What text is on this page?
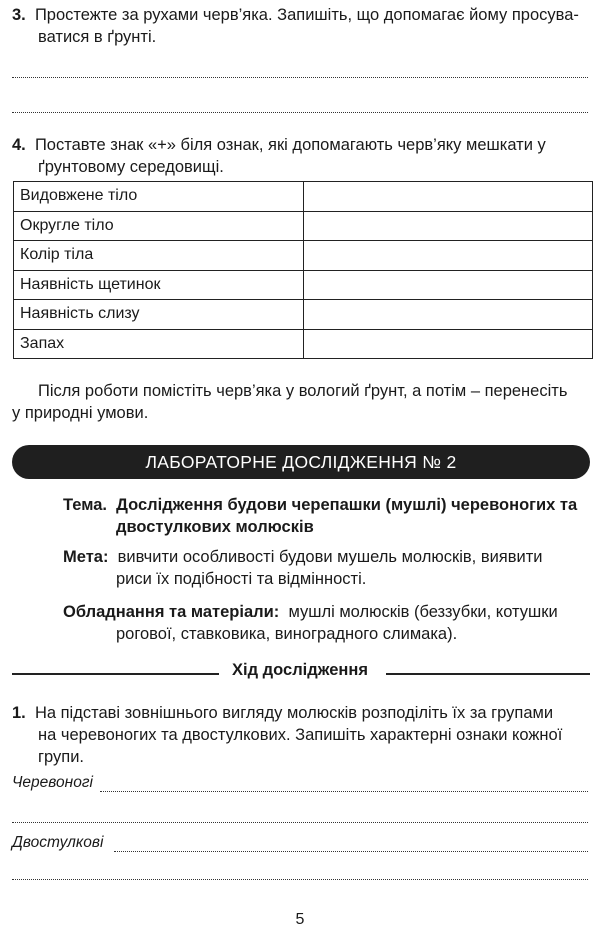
3. Простежте за рухами черв’яка. Запишіть, що допомагає йому просува-
ватися в ґрунті.
4. Поставте знак «+» біля ознак, які допомагають черв’яку мешкати у
ґрунтовому середовищі.
Видовжене тіло	
Округле тіло	
Колір тіла	
Наявність щетинок	
Наявність слизу	
Запах	
Після роботи помістіть черв’яка у вологий ґрунт, а потім – перенесіть
у природні умови.
ЛАБОРАТОРНЕ ДОСЛІДЖЕННЯ № 2
Тема. Дослідження будови черепашки (мушлі) черевоногих та
двостулкових молюсків
Мета: вивчити особливості будови мушель молюсків, виявити
риси їх подібності та відмінності.
Обладнання та матеріали: мушлі молюсків (беззубки, котушки
рогової, ставковика, виноградного слимака).
Хід дослідження
1. На підставі зовнішнього вигляду молюсків розподіліть їх за групами
на черевоногих та двостулкових. Запишіть характерні ознаки кожної
групи.
Черевоногі
Двостулкові
5
